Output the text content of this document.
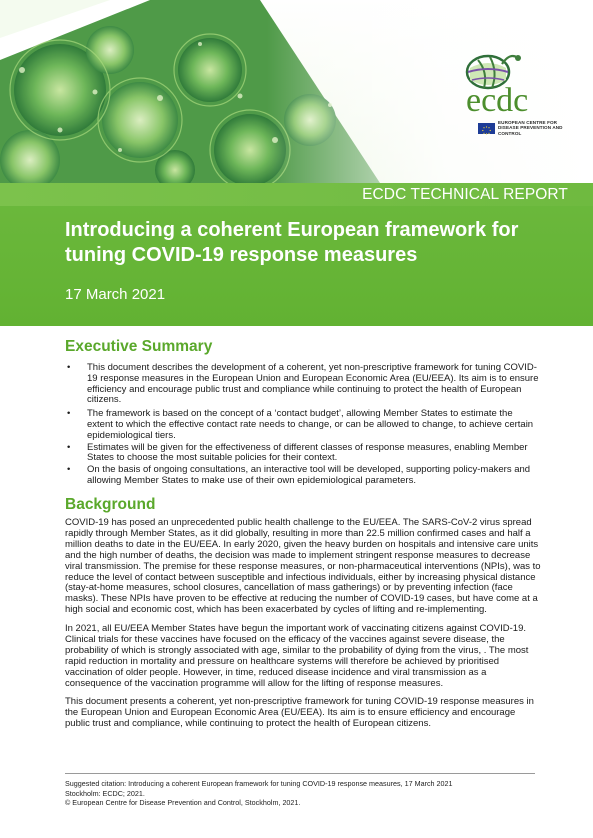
ecdc
EUROPEAN CENTRE FOR DISEASE PREVENTION AND CONTROL
ECDC TECHNICAL REPORT
Introducing a coherent European framework for tuning COVID-19 response measures
17 March 2021
Executive Summary
• This document describes the development of a coherent, yet non-prescriptive framework for tuning COVID-19 response measures in the European Union and European Economic Area (EU/EEA). Its aim is to ensure efficiency and encourage public trust and compliance while continuing to protect the health of European citizens.
• The framework is based on the concept of a ‘contact budget’, allowing Member States to estimate the extent to which the effective contact rate needs to change, or can be allowed to change, to achieve certain epidemiological tiers.
• Estimates will be given for the effectiveness of different classes of response measures, enabling Member States to choose the most suitable policies for their context.
• On the basis of ongoing consultations, an interactive tool will be developed, supporting policy-makers and allowing Member States to make use of their own epidemiological parameters.
Background

COVID-19 has posed an unprecedented public health challenge to the EU/EEA. The SARS-CoV-2 virus spread rapidly through Member States, as it did globally, resulting in more than 22.5 million confirmed cases and half a million deaths to date in the EU/EEA. In early 2020, given the heavy burden on hospitals and intensive care units and the high number of deaths, the decision was made to implement stringent response measures to decrease viral transmission. The premise for these response measures, or non-pharmaceutical interventions (NPIs), was to reduce the level of contact between susceptible and infectious individuals, either by increasing physical distance (stay-at-home measures, school closures, cancellation of mass gatherings) or by preventing infection (face masks). These NPIs have proven to be effective at reducing the number of COVID-19 cases, but have come at a high social and economic cost, which has been exacerbated by cycles of lifting and re-implementing.

In 2021, all EU/EEA Member States have begun the important work of vaccinating citizens against COVID-19. Clinical trials for these vaccines have focused on the efficacy of the vaccines against severe disease, the probability of which is strongly associated with age, similar to the probability of dying from the virus, . The most rapid reduction in mortality and pressure on healthcare systems will therefore be achieved by prioritised vaccination of older people. However, in time, reduced disease incidence and viral transmission as a consequence of the vaccination programme will allow for the lifting of response measures.

This document presents a coherent, yet non-prescriptive framework for tuning COVID-19 response measures in the European Union and European Economic Area (EU/EEA). Its aim is to ensure efficiency and encourage public trust and compliance, while continuing to protect the health of European citizens.

Suggested citation: Introducing a coherent European framework for tuning COVID-19 response measures, 17 March 2021
Stockholm: ECDC; 2021.
© European Centre for Disease Prevention and Control, Stockholm, 2021.
